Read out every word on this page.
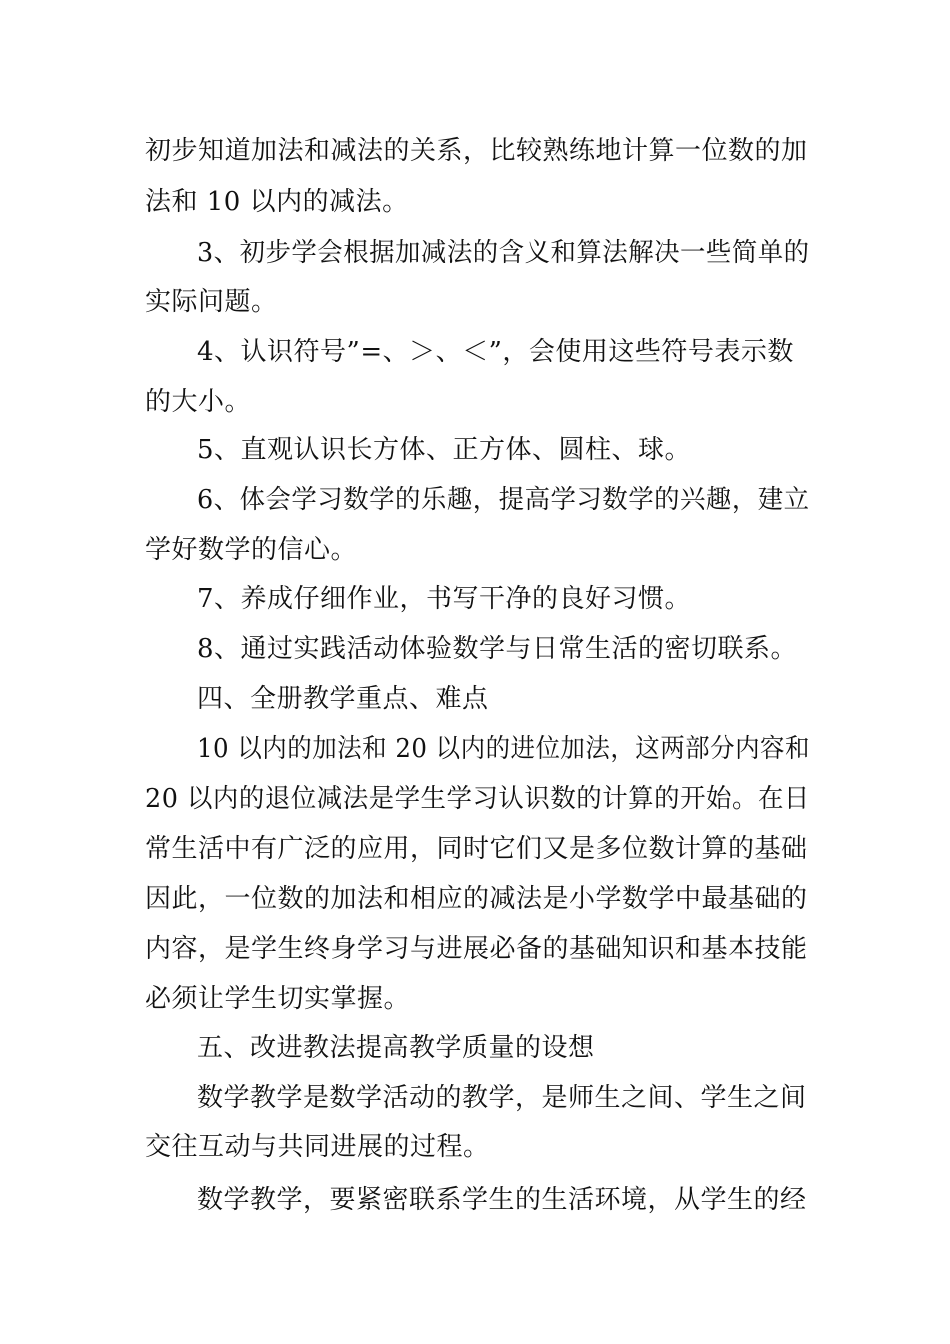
初步知道加法和减法的关系，比较熟练地计算一位数的加
法和 10 以内的减法。
3、初步学会根据加减法的含义和算法解决一些简单的
实际问题。
4、认识符号”=、＞、＜”，会使用这些符号表示数
的大小。
5、直观认识长方体、正方体、圆柱、球。
6、体会学习数学的乐趣，提高学习数学的兴趣，建立
学好数学的信心。
7、养成仔细作业，书写干净的良好习惯。
8、通过实践活动体验数学与日常生活的密切联系。
四、全册教学重点、难点
10 以内的加法和 20 以内的进位加法，这两部分内容和
20 以内的退位减法是学生学习认识数的计算的开始。在日
常生活中有广泛的应用，同时它们又是多位数计算的基础
因此，一位数的加法和相应的减法是小学数学中最基础的
内容，是学生终身学习与进展必备的基础知识和基本技能
必须让学生切实掌握。
五、改进教法提高教学质量的设想
数学教学是数学活动的教学，是师生之间、学生之间
交往互动与共同进展的过程。
数学教学，要紧密联系学生的生活环境，从学生的经
